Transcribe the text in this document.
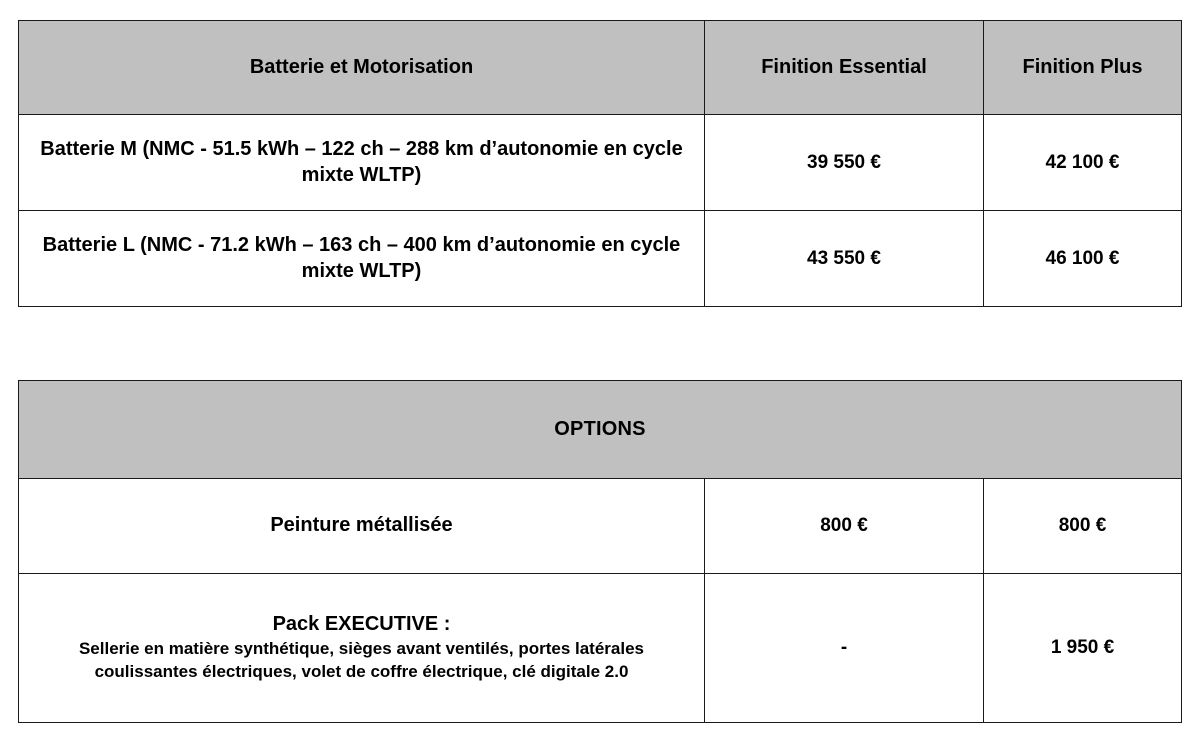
Batterie et Motorisation	Finition Essential	Finition Plus
Batterie M (NMC - 51.5 kWh – 122 ch – 288 km d’autonomie en cycle mixte WLTP)	39 550 €	42 100 €
Batterie L (NMC - 71.2 kWh – 163 ch – 400 km d’autonomie en cycle mixte WLTP)	43 550 €	46 100 €
OPTIONS		
Peinture métallisée	800 €	800 €

Pack EXECUTIVE :
Sellerie en matière synthétique, sièges avant ventilés, portes latérales coulissantes électriques, volet de coffre électrique, clé digitale 2.0	-	1 950 €
